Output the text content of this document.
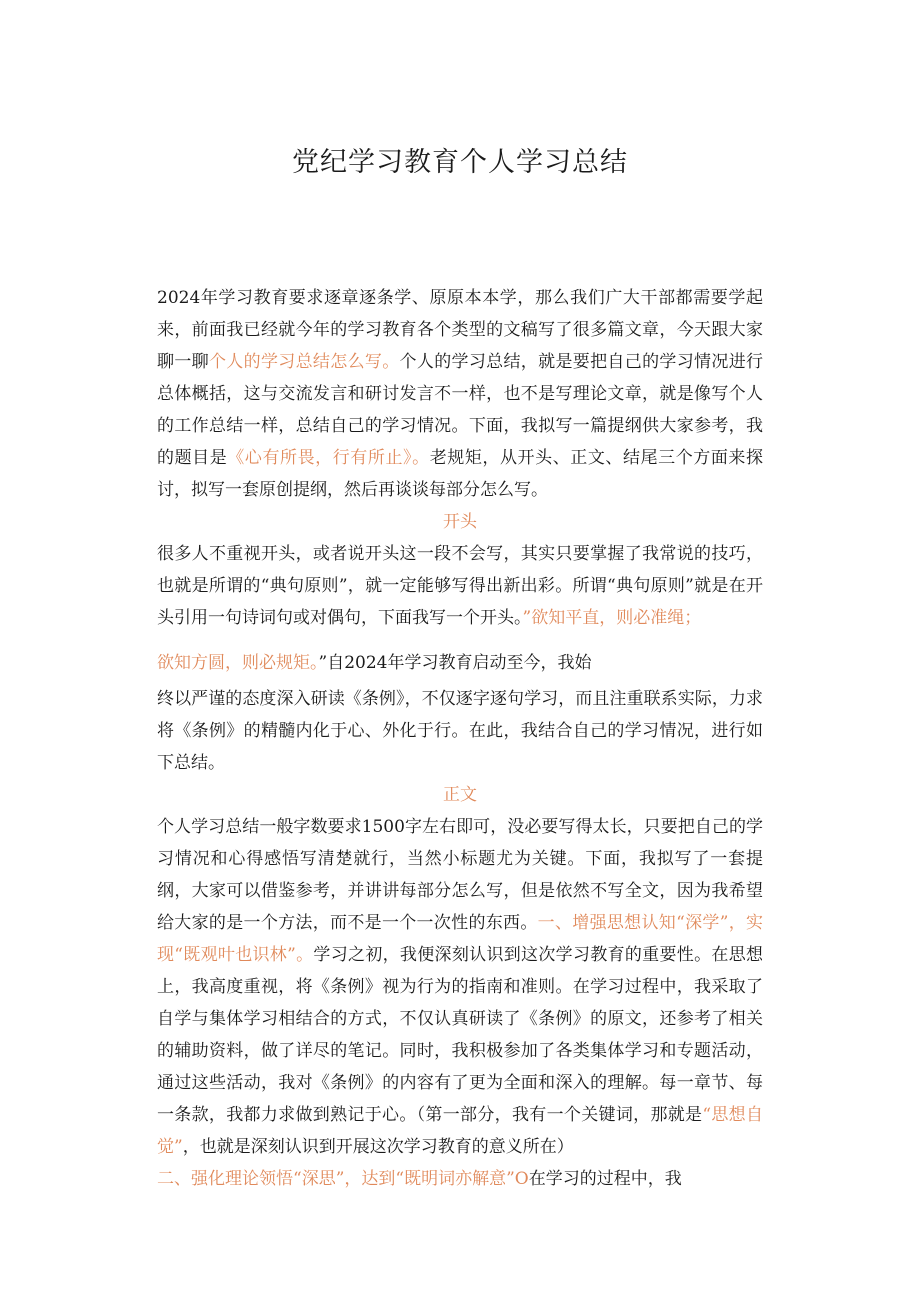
党纪学习教育个人学习总结

2024年学习教育要求逐章逐条学、原原本本学，那么我们广大干部都需要学起来，前面我已经就今年的学习教育各个类型的文稿写了很多篇文章，今天跟大家聊一聊个人的学习总结怎么写。个人的学习总结，就是要把自己的学习情况进行总体概括，这与交流发言和研讨发言不一样，也不是写理论文章，就是像写个人的工作总结一样，总结自己的学习情况。下面，我拟写一篇提纲供大家参考，我的题目是《心有所畏，行有所止》。老规矩，从开头、正文、结尾三个方面来探讨，拟写一套原创提纲，然后再谈谈每部分怎么写。

开头

很多人不重视开头，或者说开头这一段不会写，其实只要掌握了我常说的技巧，也就是所谓的“典句原则”，就一定能够写得出新出彩。所谓“典句原则”就是在开头引用一句诗词句或对偶句，下面我写一个开头。”欲知平直，则必准绳；

欲知方圆，则必规矩。”自2024年学习教育启动至今，我始

终以严谨的态度深入研读《条例》，不仅逐字逐句学习，而且注重联系实际，力求将《条例》的精髓内化于心、外化于行。在此，我结合自己的学习情况，进行如下总结。

正文

个人学习总结一般字数要求1500字左右即可，没必要写得太长，只要把自己的学习情况和心得感悟写清楚就行，当然小标题尤为关键。下面，我拟写了一套提纲，大家可以借鉴参考，并讲讲每部分怎么写，但是依然不写全文，因为我希望给大家的是一个方法，而不是一个一次性的东西。一、增强思想认知“深学”，实现“既观叶也识林”。学习之初，我便深刻认识到这次学习教育的重要性。在思想上，我高度重视，将《条例》视为行为的指南和准则。在学习过程中，我采取了自学与集体学习相结合的方式，不仅认真研读了《条例》的原文，还参考了相关的辅助资料，做了详尽的笔记。同时，我积极参加了各类集体学习和专题活动，通过这些活动，我对《条例》的内容有了更为全面和深入的理解。每一章节、每一条款，我都力求做到熟记于心。（第一部分，我有一个关键词，那就是“思想自觉”，也就是深刻认识到开展这次学习教育的意义所在）

二、强化理论领悟“深思”，达到“既明词亦解意”O在学习的过程中，我
